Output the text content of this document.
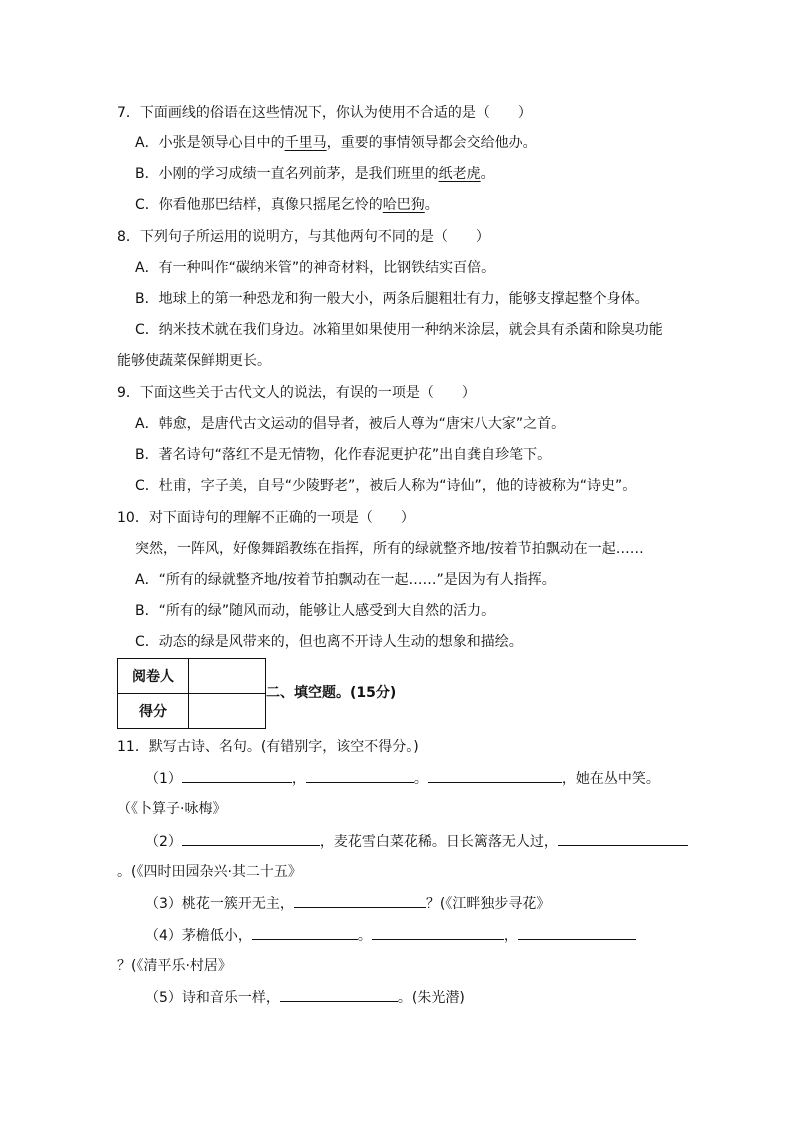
7．下面画线的俗语在这些情况下，你认为使用不合适的是（　　）
A．小张是领导心目中的千里马，重要的事情领导都会交给他办。
B．小刚的学习成绩一直名列前茅，是我们班里的纸老虎。
C．你看他那巴结样，真像只摇尾乞怜的哈巴狗。
8．下列句子所运用的说明方，与其他两句不同的是（　　）
A．有一种叫作“碳纳米管”的神奇材料，比钢铁结实百倍。
B．地球上的第一种恐龙和狗一般大小，两条后腿粗壮有力，能够支撑起整个身体。
C．纳米技术就在我们身边。冰箱里如果使用一种纳米涂层，就会具有杀菌和除臭功能
能够使蔬菜保鲜期更长。
9．下面这些关于古代文人的说法，有误的一项是（　　）
A．韩愈，是唐代古文运动的倡导者，被后人尊为“唐宋八大家”之首。
B．著名诗句“落红不是无情物，化作春泥更护花”出自龚自珍笔下。
C．杜甫，字子美，自号“少陵野老”，被后人称为“诗仙”，他的诗被称为“诗史”。
10．对下面诗句的理解不正确的一项是（　　）
突然，一阵风，好像舞蹈教练在指挥，所有的绿就整齐地/按着节拍飘动在一起……
A．“所有的绿就整齐地/按着节拍飘动在一起……”是因为有人指挥。
B．“所有的绿”随风而动，能够让人感受到大自然的活力。
C．动态的绿是风带来的，但也离不开诗人生动的想象和描绘。
阅卷人	
得分	
二、填空题。(15分)
11．默写古诗、名句。(有错别字，该空不得分。)
（1）	，	。	，她在丛中笑。
（《卜算子·咏梅》
（2）	，麦花雪白菜花稀。日长篱落无人过，
。(《四时田园杂兴·其二十五》
（3）桃花一簇开无主，	？(《江畔独步寻花》
（4）茅檐低小，	。	，
？(《清平乐·村居》
（5）诗和音乐一样，	。(朱光潜)
